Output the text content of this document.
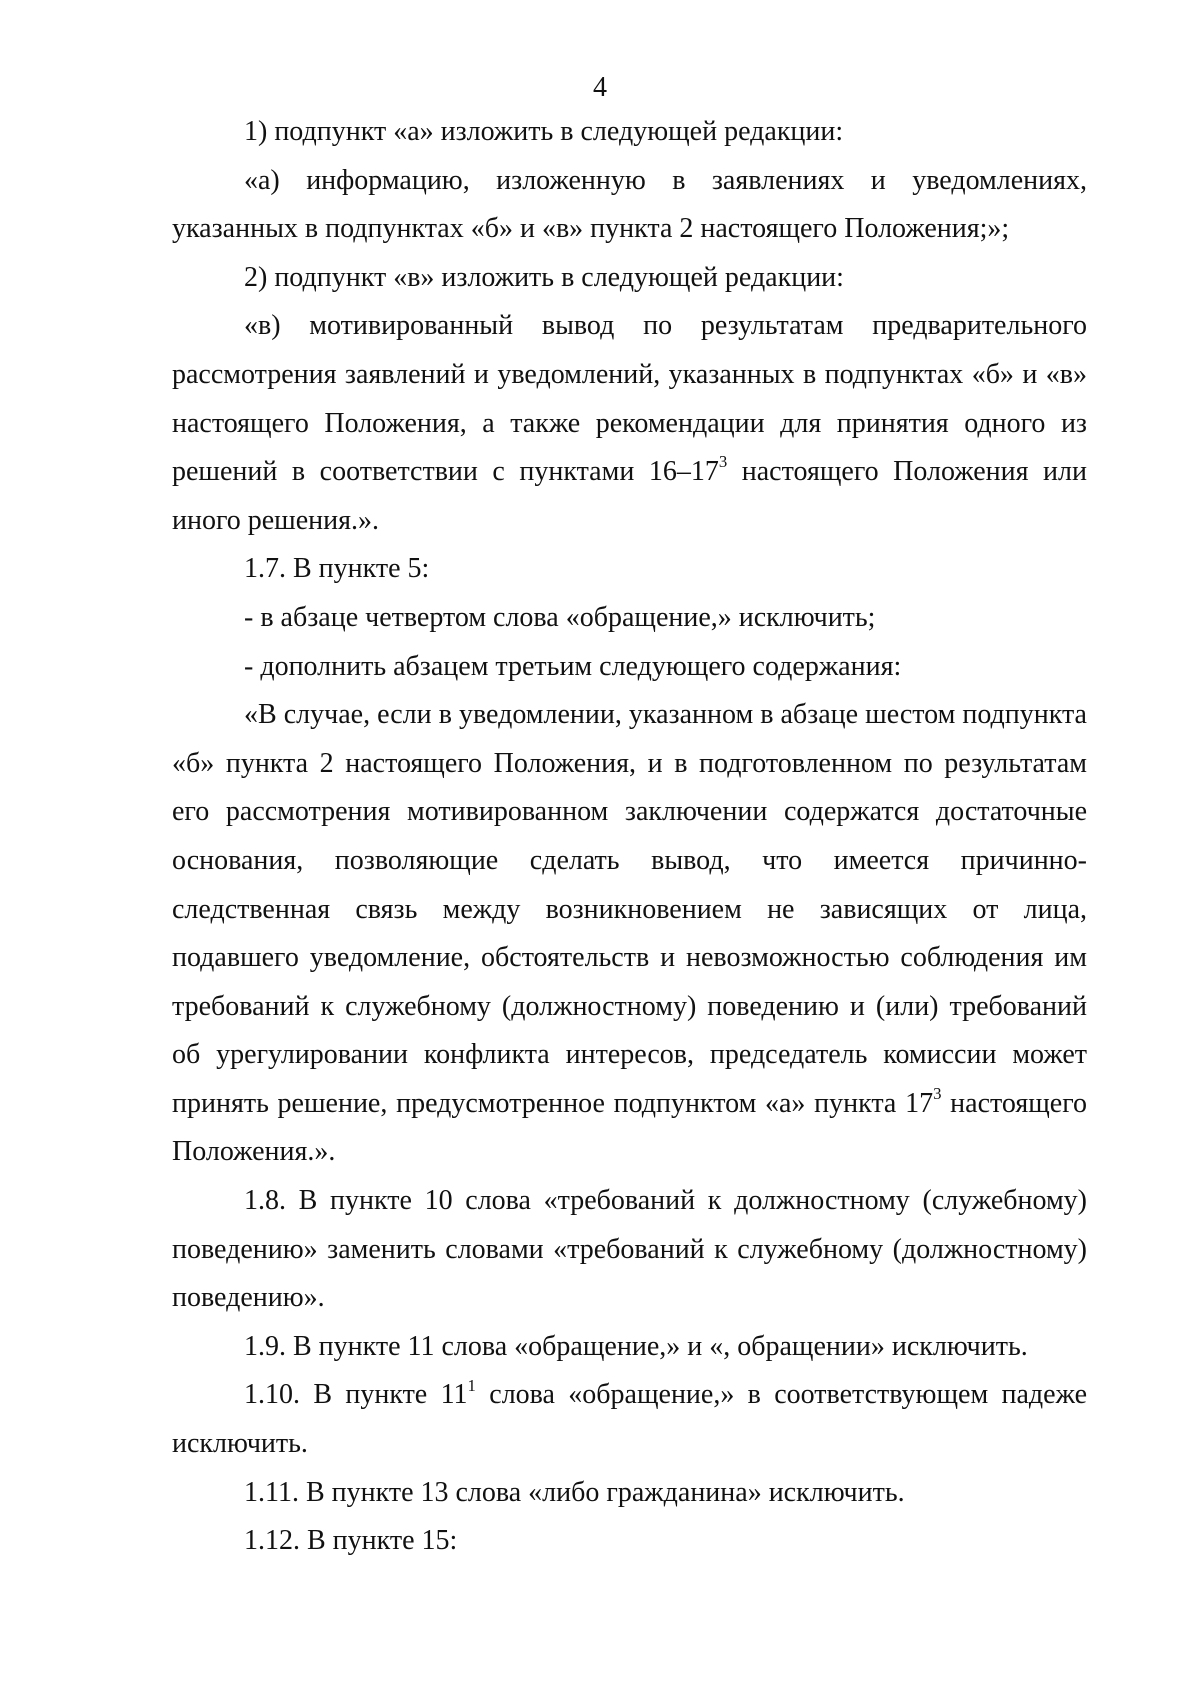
4

1) подпункт «а» изложить в следующей редакции:

«а) информацию, изложенную в заявлениях и уведомлениях, указанных в подпунктах «б» и «в» пункта 2 настоящего Положения;»;

2) подпункт «в» изложить в следующей редакции:

«в) мотивированный вывод по результатам предварительного рассмотрения заявлений и уведомлений, указанных в подпунктах «б» и «в» настоящего Положения, а также рекомендации для принятия одного из решений в соответствии с пунктами $16-17^3$ настоящего Положения или иного решения.».

1.7. В пункте 5:

- в абзаце четвертом слова «обращение,» исключить;

- дополнить абзацем третьим следующего содержания:

«В случае, если в уведомлении, указанном в абзаце шестом подпункта «б» пункта 2 настоящего Положения, и в подготовленном по результатам его рассмотрения мотивированном заключении содержатся достаточные основания, позволяющие сделать вывод, что имеется причинно-следственная связь между возникновением не зависящих от лица, подавшего уведомление, обстоятельств и невозможностью соблюдения им требований к служебному (должностному) поведению и (или) требований об урегулировании конфликта интересов, председатель комиссии может принять решение, предусмотренное подпунктом «а» пункта $17^3$ настоящего Положения.».

1.8. В пункте 10 слова «требований к должностному (служебному) поведению» заменить словами «требований к служебному (должностному) поведению».

1.9. В пункте 11 слова «обращение,» и «, обращении» исключить.

1.10. В пункте $11^1$ слова «обращение,» в соответствующем падеже исключить.

1.11. В пункте 13 слова «либо гражданина» исключить.

1.12. В пункте 15:
